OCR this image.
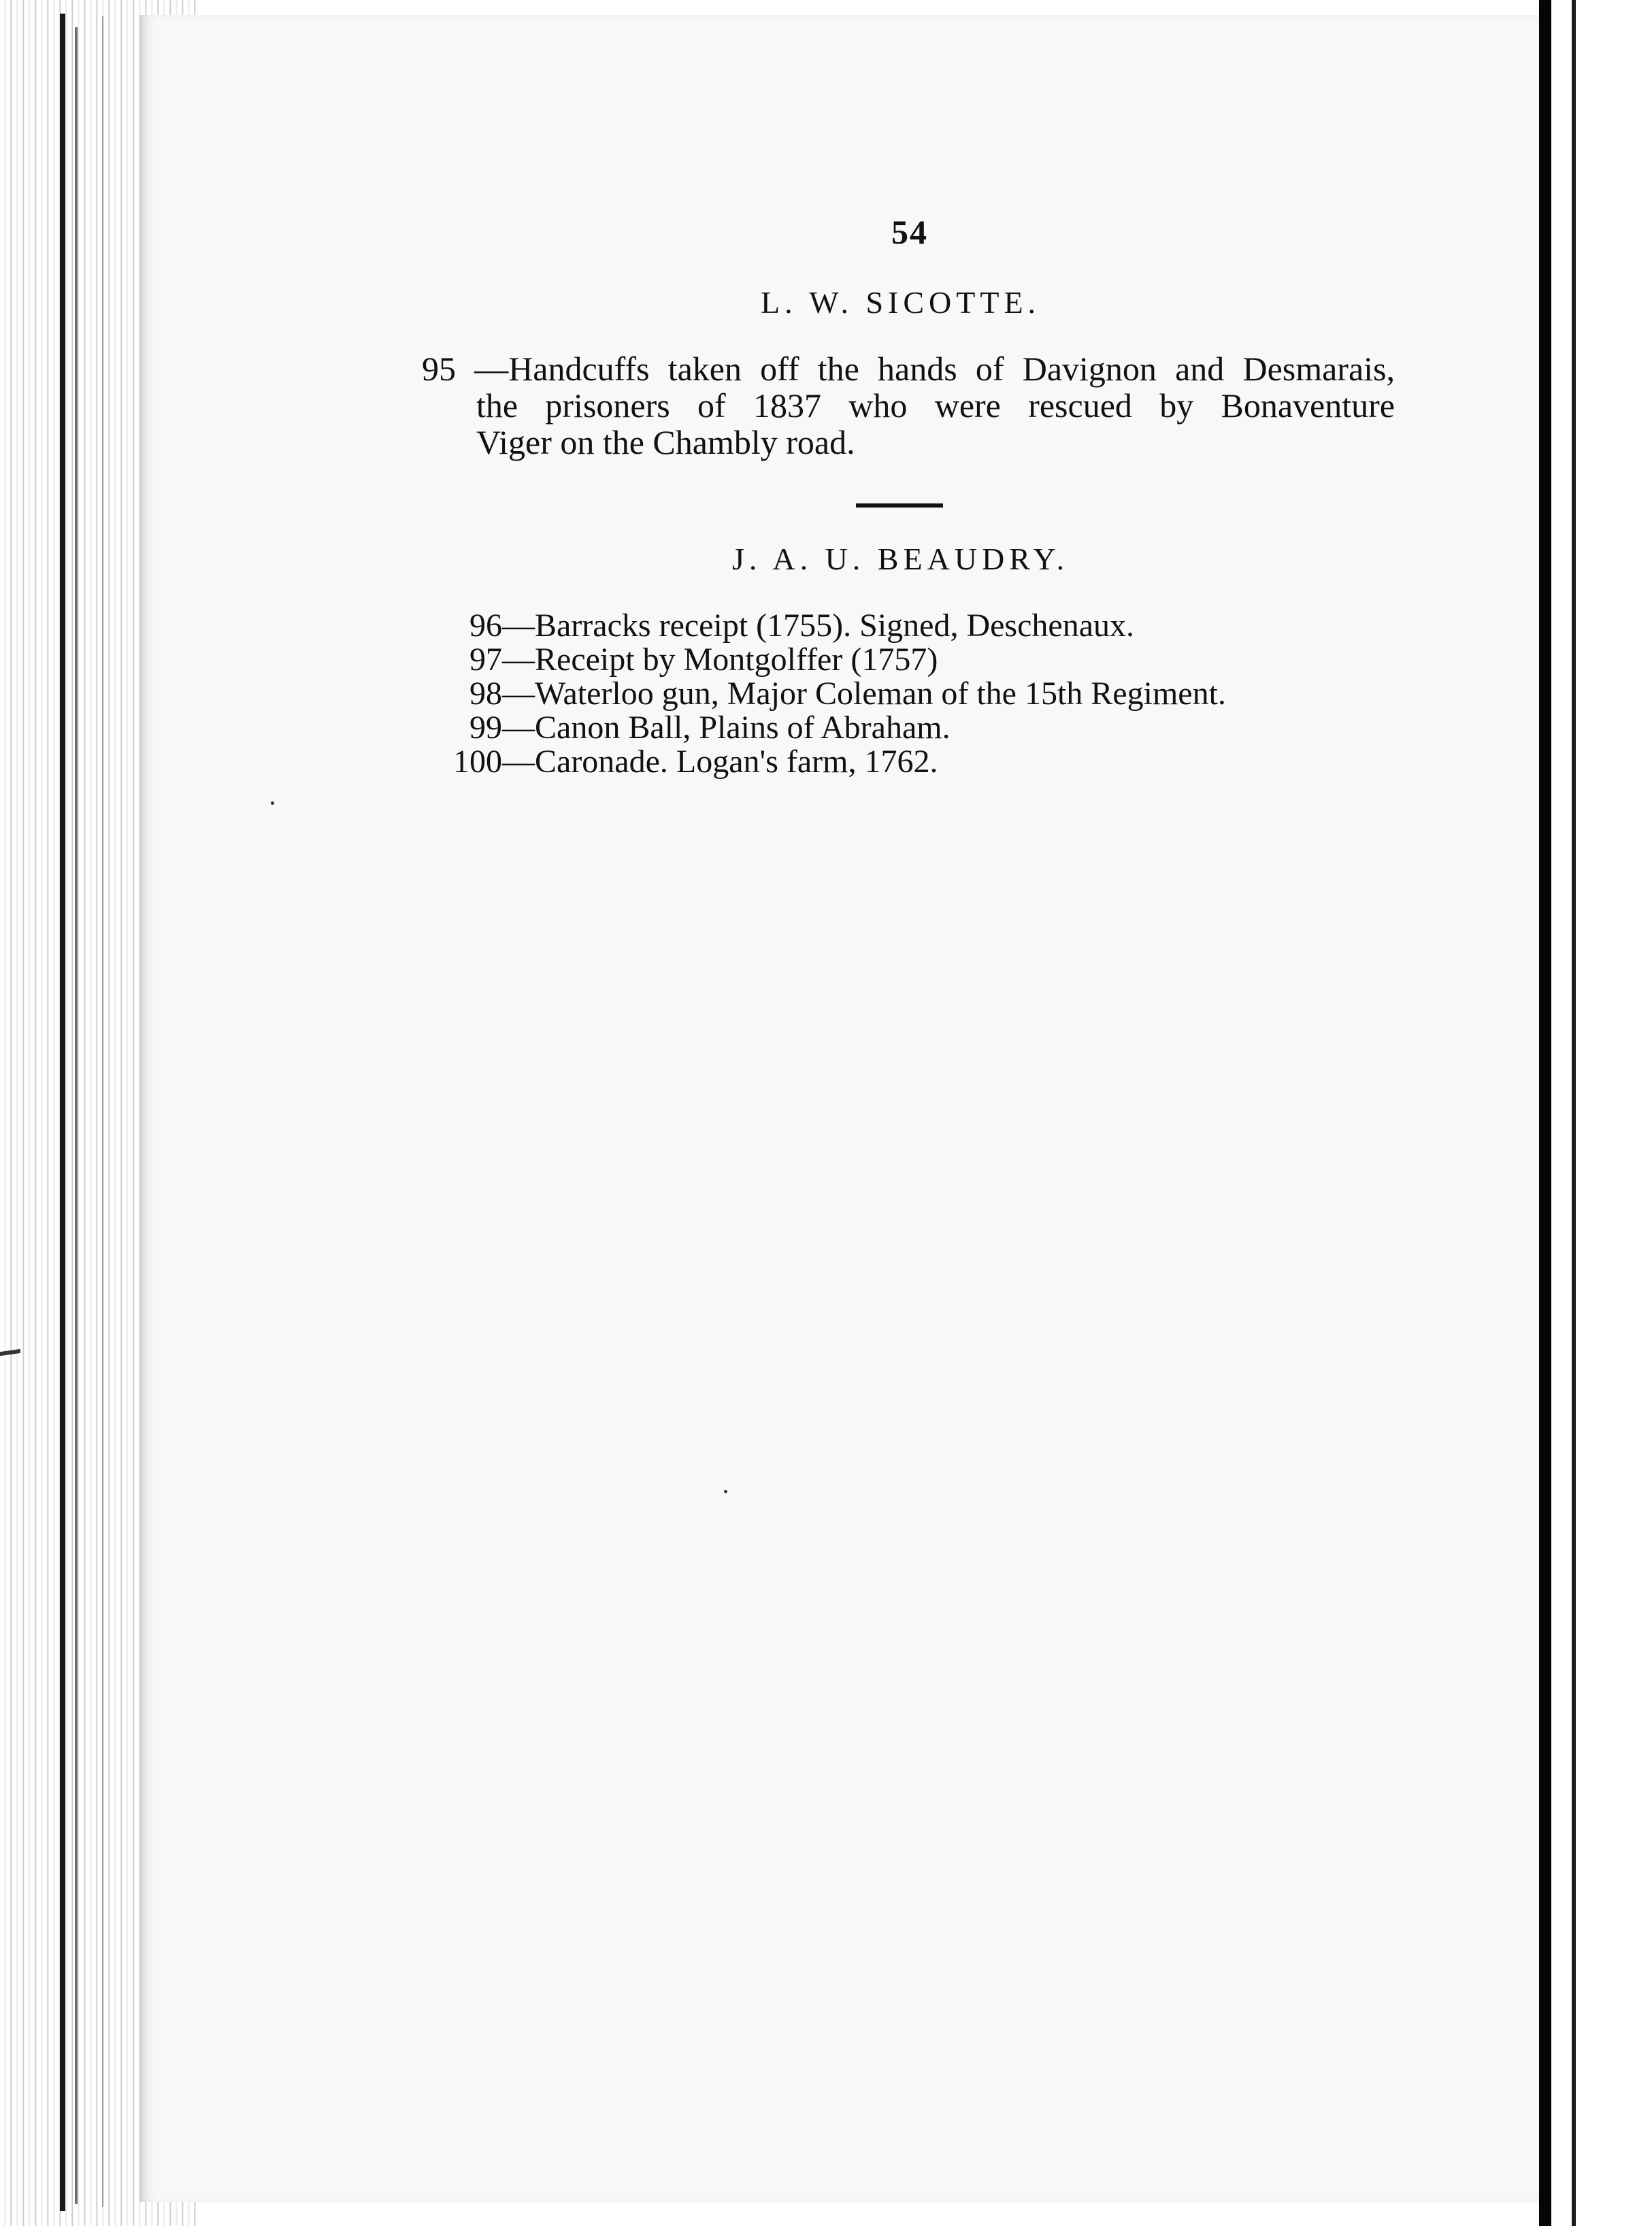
54
L. W. SICOTTE.
95 —Handcuffs taken off the hands of Davignon and Desmarais,
the prisoners of 1837 who were rescued by Bonaventure
Viger on the Chambly road.
J. A. U. BEAUDRY.
96 —Barracks receipt (1755). Signed, Deschenaux.
97 —Receipt by Montgolffer (1757)
98 —Waterloo gun, Major Coleman of the 15th Regiment.
99 —Canon Ball, Plains of Abraham.
100 —Caronade. Logan's farm, 1762.
